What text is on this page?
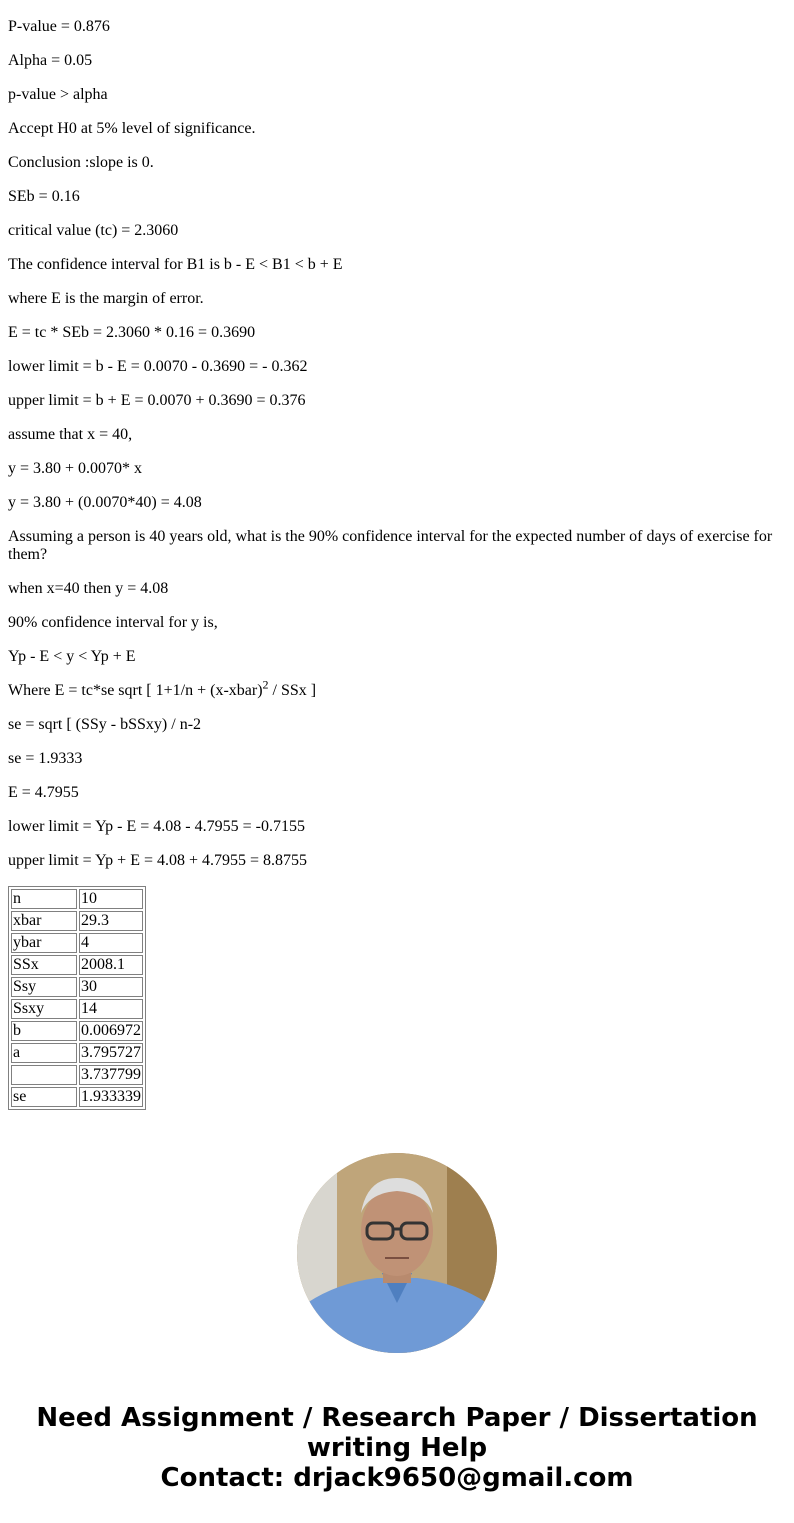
P-value = 0.876

Alpha = 0.05

p-value > alpha

Accept H0 at 5% level of significance.

Conclusion :slope is 0.

SEb = 0.16

critical value (tc) = 2.3060

The confidence interval for B1 is b - E < B1 < b + E

where E is the margin of error.

E = tc * SEb = 2.3060 * 0.16 = 0.3690

lower limit = b - E = 0.0070 - 0.3690 = - 0.362

upper limit = b + E = 0.0070 + 0.3690 = 0.376

assume that x = 40,

y = 3.80 + 0.0070* x

y = 3.80 + (0.0070*40) = 4.08

Assuming a person is 40 years old, what is the 90% confidence interval for the expected number of days of exercise for them?

when x=40 then y = 4.08

90% confidence interval for y is,

Yp - E < y < Yp + E

Where E = tc*se sqrt [ 1+1/n + (x-xbar)$^2$ / SSx ]

se = sqrt [ (SSy - bSSxy) / n-2

se = 1.9333

E = 4.7955

lower limit = Yp - E = 4.08 - 4.7955 = -0.7155

upper limit = Yp + E = 4.08 + 4.7955 = 8.8755

n	10
xbar	29.3
ybar	4
SSx	2008.1
Ssy	30
Ssxy	14
b	0.006972
a	3.795727
	3.737799
se	1.933339
Need Assignment / Research Paper / Dissertation
writing Help
Contact: drjack9650@gmail.com
